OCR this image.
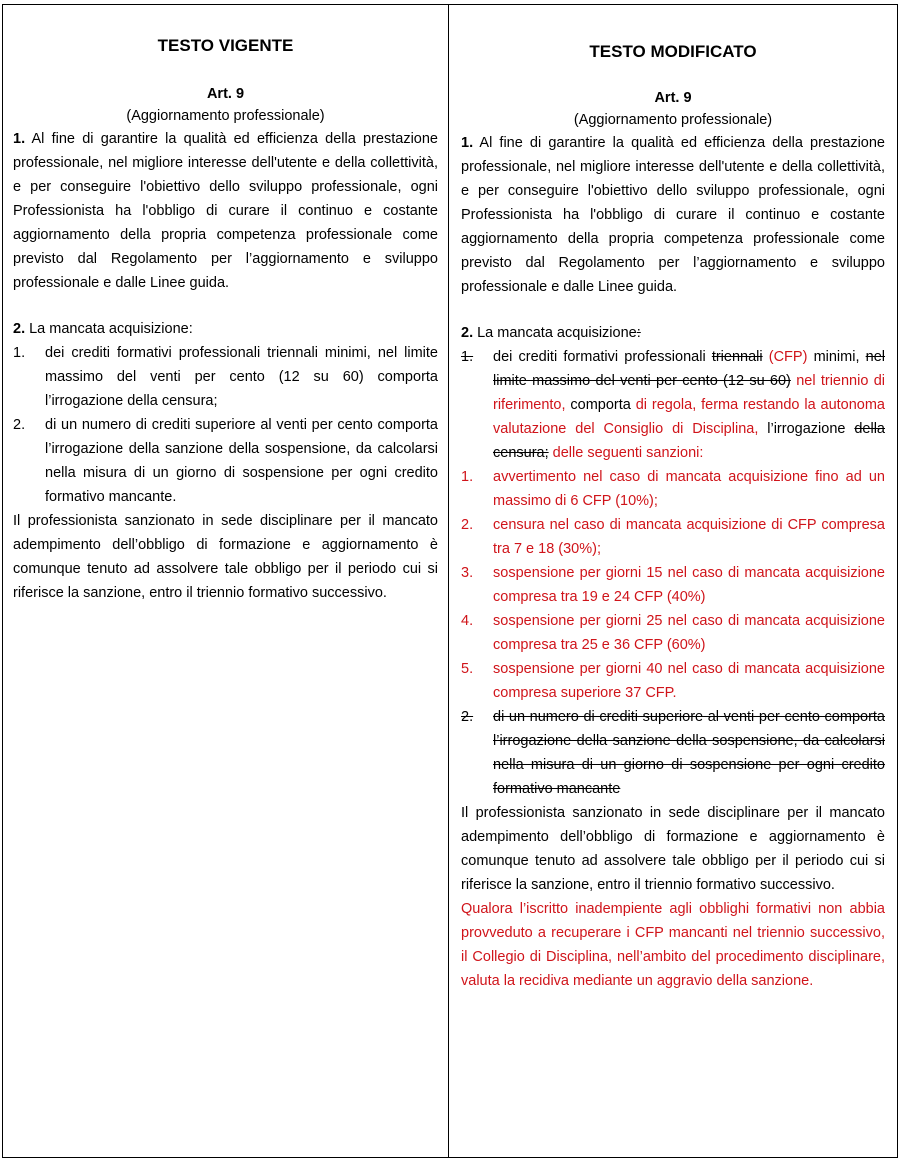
TESTO VIGENTE
Art. 9
(Aggiornamento professionale)

1. Al fine di garantire la qualità ed efficienza della prestazione professionale, nel migliore interesse dell'utente e della collettività, e per conseguire l'obiettivo dello sviluppo professionale, ogni Professionista ha l'obbligo di curare il continuo e costante aggiornamento della propria competenza professionale come previsto dal Regolamento per l’aggiornamento e sviluppo professionale e dalle Linee guida.

2. La mancata acquisizione:

1.	dei crediti formativi professionali triennali minimi, nel limite massimo del venti per cento (12 su 60) comporta l’irrogazione della censura;
2.	di un numero di crediti superiore al venti per cento comporta l’irrogazione della sanzione della sospensione, da calcolarsi nella misura di un giorno di sospensione per ogni credito formativo mancante.

Il professionista sanzionato in sede disciplinare per il mancato adempimento dell’obbligo di formazione e aggiornamento è comunque tenuto ad assolvere tale obbligo per il periodo cui si riferisce la sanzione, entro il triennio formativo successivo.

TESTO MODIFICATO
Art. 9
(Aggiornamento professionale)

1. Al fine di garantire la qualità ed efficienza della prestazione professionale, nel migliore interesse dell'utente e della collettività, e per conseguire l'obiettivo dello sviluppo professionale, ogni Professionista ha l'obbligo di curare il continuo e costante aggiornamento della propria competenza professionale come previsto dal Regolamento per l’aggiornamento e sviluppo professionale e dalle Linee guida.

2. La mancata acquisizione:

1.	dei crediti formativi professionali triennali (CFP) minimi, nel limite massimo del venti per cento (12 su 60) nel triennio di riferimento, comporta di regola, ferma restando la autonoma valutazione del Consiglio di Disciplina, l’irrogazione della censura; delle seguenti sanzioni:
1.	avvertimento nel caso di mancata acquisizione fino ad un massimo di 6 CFP (10%);
2.	censura nel caso di mancata acquisizione di CFP compresa tra 7 e 18 (30%);
3.	sospensione per giorni 15 nel caso di mancata acquisizione compresa tra 19 e 24 CFP (40%)
4.	sospensione per giorni 25 nel caso di mancata acquisizione compresa tra 25 e 36 CFP (60%)
5.	sospensione per giorni 40 nel caso di mancata acquisizione compresa superiore 37 CFP.
2.	di un numero di crediti superiore al venti per cento comporta l’irrogazione della sanzione della sospensione, da calcolarsi nella misura di un giorno di sospensione per ogni credito formativo mancante

Il professionista sanzionato in sede disciplinare per il mancato adempimento dell’obbligo di formazione e aggiornamento è comunque tenuto ad assolvere tale obbligo per il periodo cui si riferisce la sanzione, entro il triennio formativo successivo.

Qualora l’iscritto inadempiente agli obblighi formativi non abbia provveduto a recuperare i CFP mancanti nel triennio successivo, il Collegio di Disciplina, nell’ambito del procedimento disciplinare, valuta la recidiva mediante un aggravio della sanzione.
